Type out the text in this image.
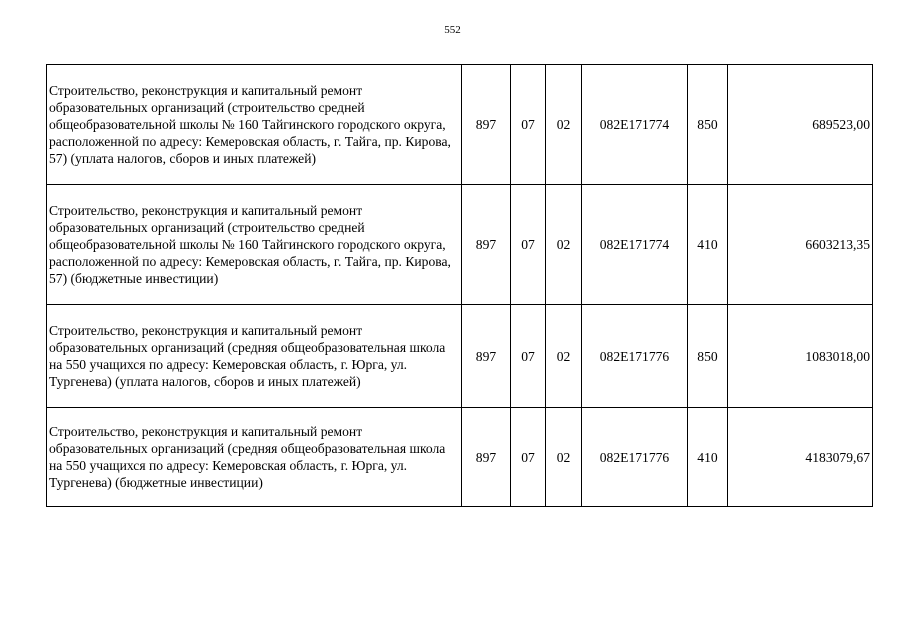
552
Строительство, реконструкция и капитальный ремонт образовательных организаций (строительство средней общеобразовательной школы № 160 Тайгинского городского округа, расположенной по адресу: Кемеровская область, г. Тайга, пр. Кирова, 57) (уплата налогов, сборов и иных платежей)	897	07	02	082E171774	850	689523,00
Строительство, реконструкция и капитальный ремонт образовательных организаций (строительство средней общеобразовательной школы № 160 Тайгинского городского округа, расположенной по адресу: Кемеровская область, г. Тайга, пр. Кирова, 57) (бюджетные инвестиции)	897	07	02	082E171774	410	6603213,35
Строительство, реконструкция и капитальный ремонт образовательных организаций (средняя общеобразовательная школа на 550 учащихся по адресу: Кемеровская область, г. Юрга, ул. Тургенева) (уплата налогов, сборов и иных платежей)	897	07	02	082E171776	850	1083018,00
Строительство, реконструкция и капитальный ремонт образовательных организаций (средняя общеобразовательная школа на 550 учащихся по адресу: Кемеровская область, г. Юрга, ул. Тургенева) (бюджетные инвестиции)	897	07	02	082E171776	410	4183079,67
